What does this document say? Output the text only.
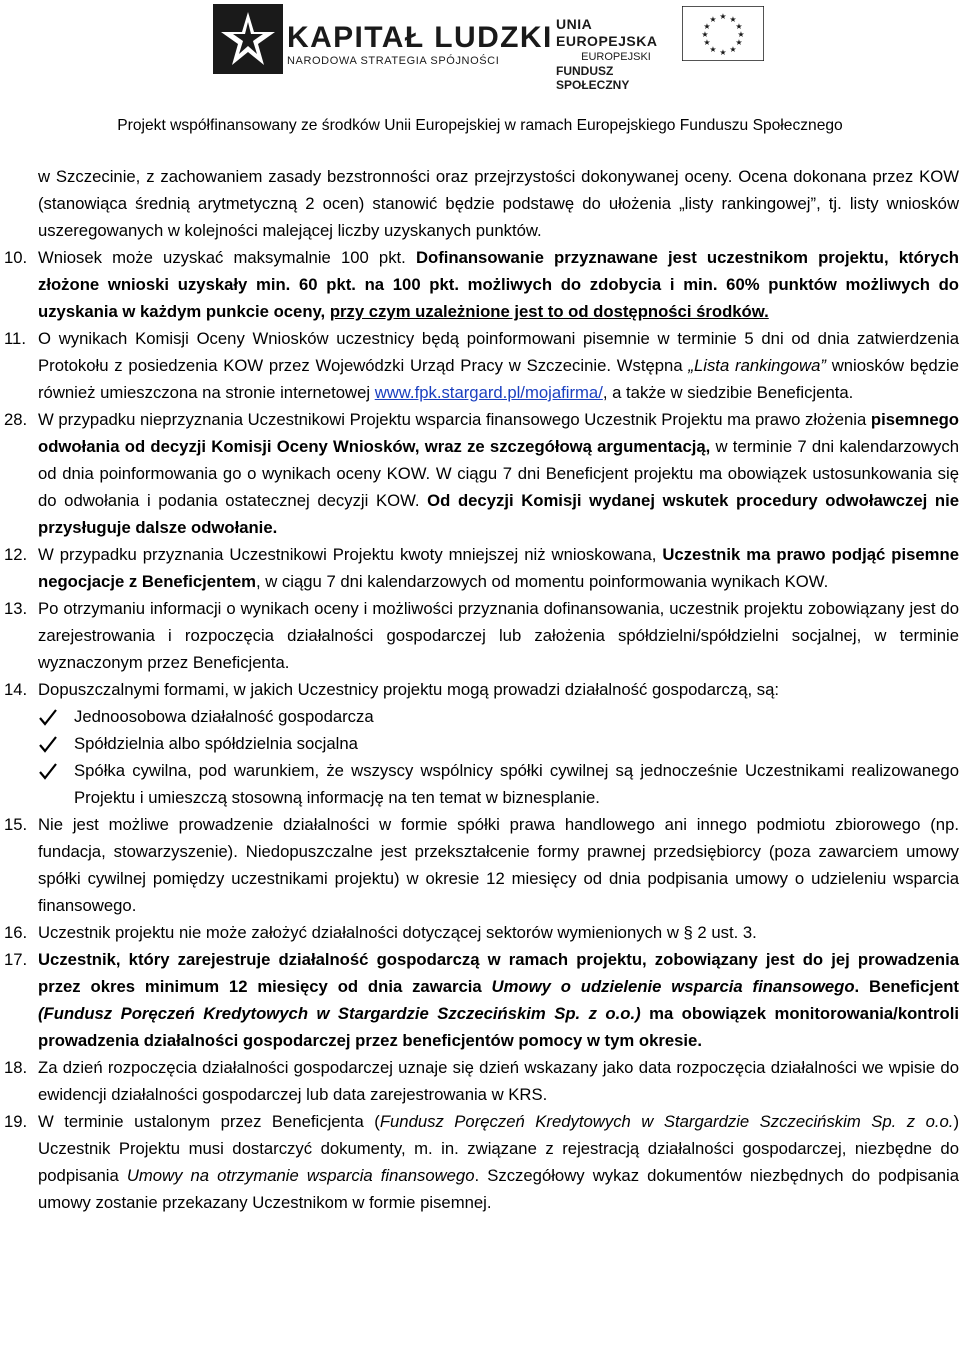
KAPITAŁ LUDZKI
NARODOWA STRATEGIA SPÓJNOŚCI
UNIA EUROPEJSKA
EUROPEJSKI
FUNDUSZ SPOŁECZNY
★ ★
★
★
★
★
★
★
★
★
★
★
Projekt współfinansowany ze środków Unii Europejskiej w ramach Europejskiego Funduszu Społecznego

w Szczecinie, z zachowaniem zasady bezstronności oraz przejrzystości dokonywanej oceny. Ocena dokonana przez KOW (stanowiąca średnią arytmetyczną 2 ocen) stanowić będzie podstawę do ułożenia „listy rankingowej”, tj. listy wniosków uszeregowanych w kolejności malejącej liczby uzyskanych punktów.

10. Wniosek może uzyskać maksymalnie 100 pkt. Dofinansowanie przyznawane jest uczestnikom projektu, których złożone wnioski uzyskały min. 60 pkt. na 100 pkt. możliwych do zdobycia i min. 60% punktów możliwych do uzyskania w każdym punkcie oceny, przy czym uzależnione jest to od dostępności środków.
11. O wynikach Komisji Oceny Wniosków uczestnicy będą poinformowani pisemnie w terminie 5 dni od dnia zatwierdzenia Protokołu z posiedzenia KOW przez Wojewódzki Urząd Pracy w Szczecinie. Wstępna „Lista rankingowa” wniosków będzie również umieszczona na stronie internetowej www.fpk.stargard.pl/mojafirma/, a także w siedzibie Beneficjenta.
28. W przypadku nieprzyznania Uczestnikowi Projektu wsparcia finansowego Uczestnik Projektu ma prawo złożenia pisemnego odwołania od decyzji Komisji Oceny Wniosków, wraz ze szczegółową argumentacją, w terminie 7 dni kalendarzowych od dnia poinformowania go o wynikach oceny KOW. W ciągu 7 dni Beneficjent projektu ma obowiązek ustosunkowania się do odwołania i podania ostatecznej decyzji KOW. Od decyzji Komisji wydanej wskutek procedury odwoławczej nie przysługuje dalsze odwołanie.
12. W przypadku przyznania Uczestnikowi Projektu kwoty mniejszej niż wnioskowana, Uczestnik ma prawo podjąć pisemne negocjacje z Beneficjentem, w ciągu 7 dni kalendarzowych od momentu poinformowania wynikach KOW.
13. Po otrzymaniu informacji o wynikach oceny i możliwości przyznania dofinansowania, uczestnik projektu zobowiązany jest do zarejestrowania i rozpoczęcia działalności gospodarczej lub założenia spółdzielni/spółdzielni socjalnej, w terminie wyznaczonym przez Beneficjenta.
14. Dopuszczalnymi formami, w jakich Uczestnicy projektu mogą prowadzi działalność gospodarczą, są:
Jednoosobowa działalność gospodarcza
Spółdzielnia albo spółdzielnia socjalna
Spółka cywilna, pod warunkiem, że wszyscy wspólnicy spółki cywilnej są jednocześnie Uczestnikami realizowanego Projektu i umieszczą stosowną informację na ten temat w biznesplanie.
15. Nie jest możliwe prowadzenie działalności w formie spółki prawa handlowego ani innego podmiotu zbiorowego (np. fundacja, stowarzyszenie). Niedopuszczalne jest przekształcenie formy prawnej przedsiębiorcy (poza zawarciem umowy spółki cywilnej pomiędzy uczestnikami projektu) w okresie 12 miesięcy od dnia podpisania umowy o udzieleniu wsparcia finansowego.
16. Uczestnik projektu nie może założyć działalności dotyczącej sektorów wymienionych w § 2 ust. 3.
17. Uczestnik, który zarejestruje działalność gospodarczą w ramach projektu, zobowiązany jest do jej prowadzenia przez okres minimum 12 miesięcy od dnia zawarcia Umowy o udzielenie wsparcia finansowego. Beneficjent (Fundusz Poręczeń Kredytowych w Stargardzie Szczecińskim Sp. z o.o.) ma obowiązek monitorowania/kontroli prowadzenia działalności gospodarczej przez beneficjentów pomocy w tym okresie.
18. Za dzień rozpoczęcia działalności gospodarczej uznaje się dzień wskazany jako data rozpoczęcia działalności we wpisie do ewidencji działalności gospodarczej lub data zarejestrowania w KRS.
19. W terminie ustalonym przez Beneficjenta (Fundusz Poręczeń Kredytowych w Stargardzie Szczecińskim Sp. z o.o.) Uczestnik Projektu musi dostarczyć dokumenty, m. in. związane z rejestracją działalności gospodarczej, niezbędne do podpisania Umowy na otrzymanie wsparcia finansowego. Szczegółowy wykaz dokumentów niezbędnych do podpisania umowy zostanie przekazany Uczestnikom w formie pisemnej.
